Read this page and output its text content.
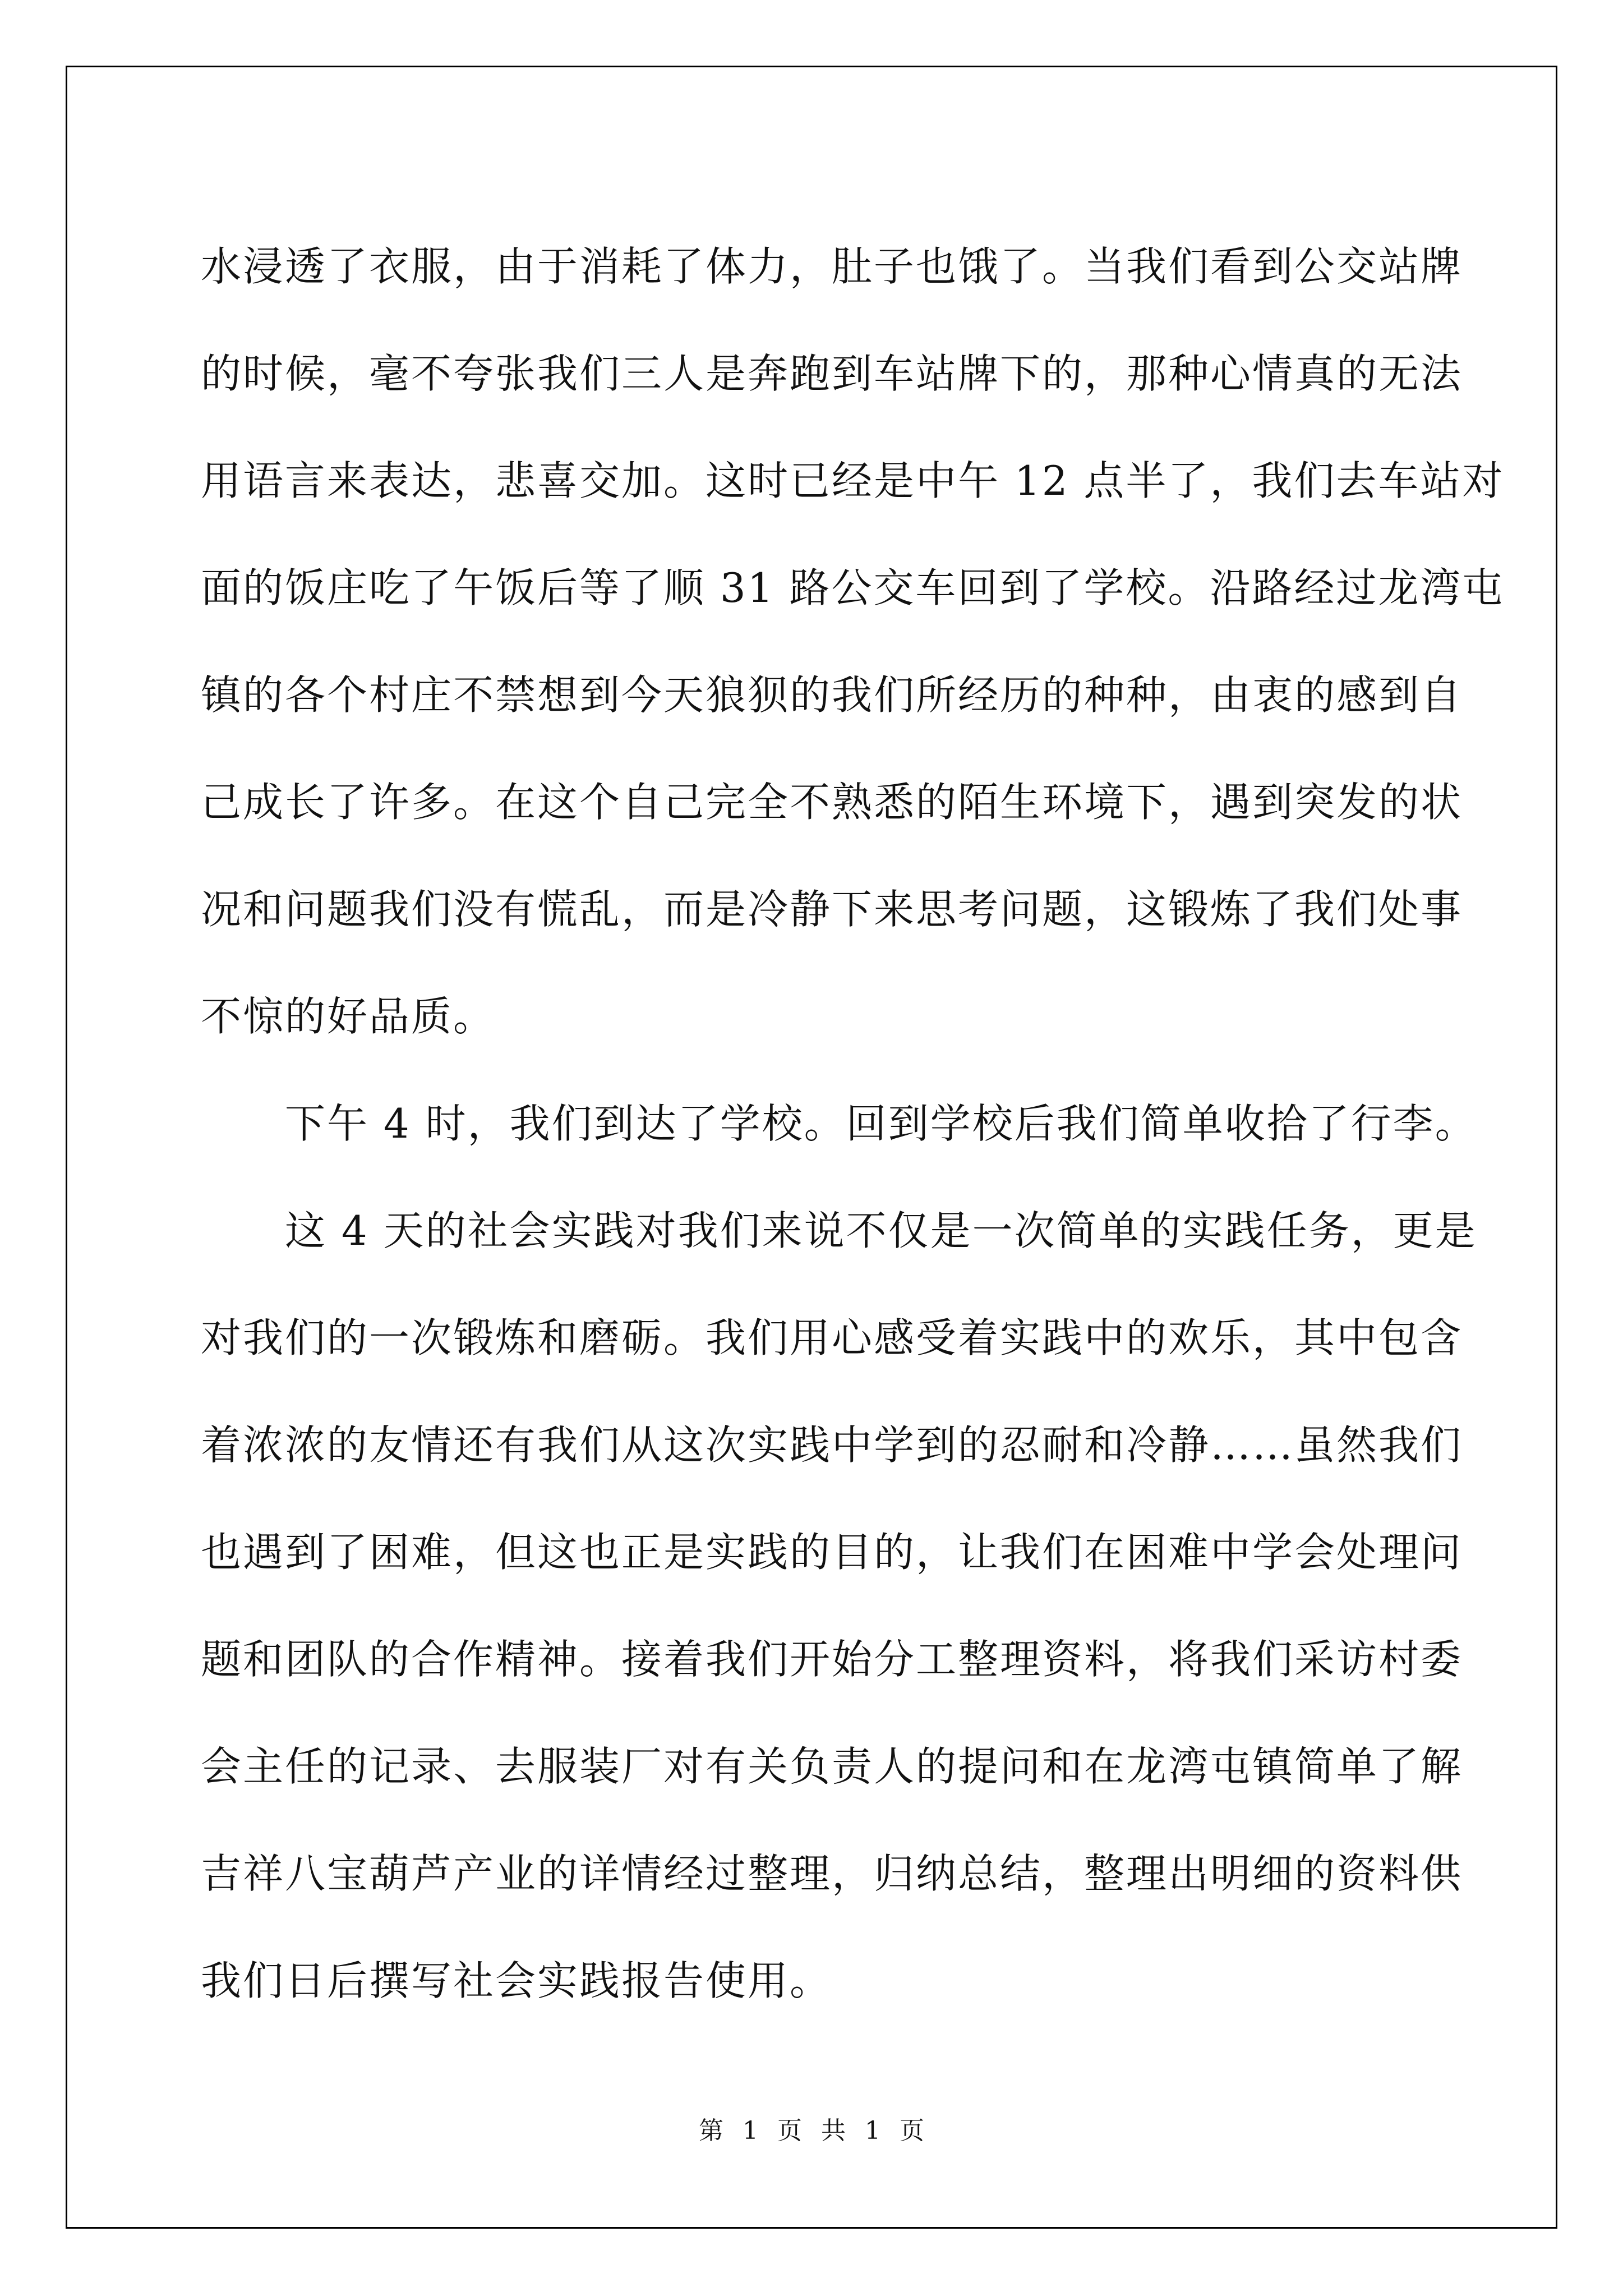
水浸透了衣服，由于消耗了体力，肚子也饿了。当我们看到公交站牌
的时候，毫不夸张我们三人是奔跑到车站牌下的，那种心情真的无法
用语言来表达，悲喜交加。这时已经是中午 12 点半了，我们去车站对
面的饭庄吃了午饭后等了顺 31 路公交车回到了学校。沿路经过龙湾屯
镇的各个村庄不禁想到今天狼狈的我们所经历的种种，由衷的感到自
己成长了许多。在这个自己完全不熟悉的陌生环境下，遇到突发的状
况和问题我们没有慌乱，而是冷静下来思考问题，这锻炼了我们处事
不惊的好品质。
下午 4 时，我们到达了学校。回到学校后我们简单收拾了行李。
这 4 天的社会实践对我们来说不仅是一次简单的实践任务，更是
对我们的一次锻炼和磨砺。我们用心感受着实践中的欢乐，其中包含
着浓浓的友情还有我们从这次实践中学到的忍耐和冷静……虽然我们
也遇到了困难，但这也正是实践的目的，让我们在困难中学会处理问
题和团队的合作精神。接着我们开始分工整理资料，将我们采访村委
会主任的记录、去服装厂对有关负责人的提问和在龙湾屯镇简单了解
吉祥八宝葫芦产业的详情经过整理，归纳总结，整理出明细的资料供
我们日后撰写社会实践报告使用。
第 1 页 共 1 页
